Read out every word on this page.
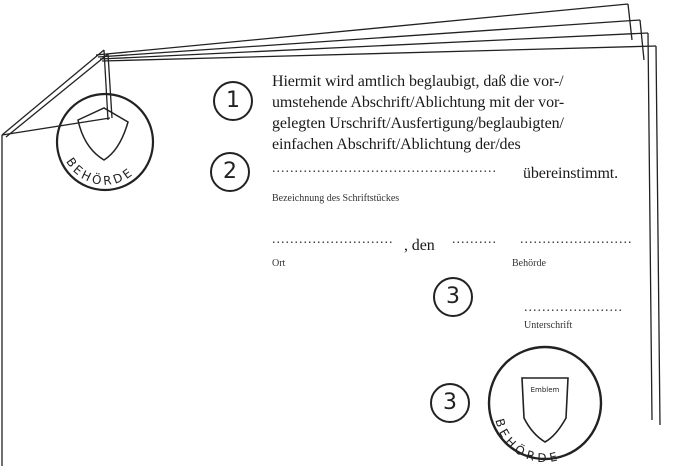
BEHÖRDE
Emblem
BEHÖRDE
1
2
3
3
Hiermit wird amtlich beglaubigt, daß die vor-/
umstehende Abschrift/Ablichtung mit der vor-
gelegten Urschrift/Ausfertigung/beglaubigten/
einfachen Abschrift/Ablichtung der/des
.................................................. übereinstimmt.
Bezeichnung des Schriftstückes
........................... , den .......... .........................
Ort	Behörde
......................
Unterschrift
